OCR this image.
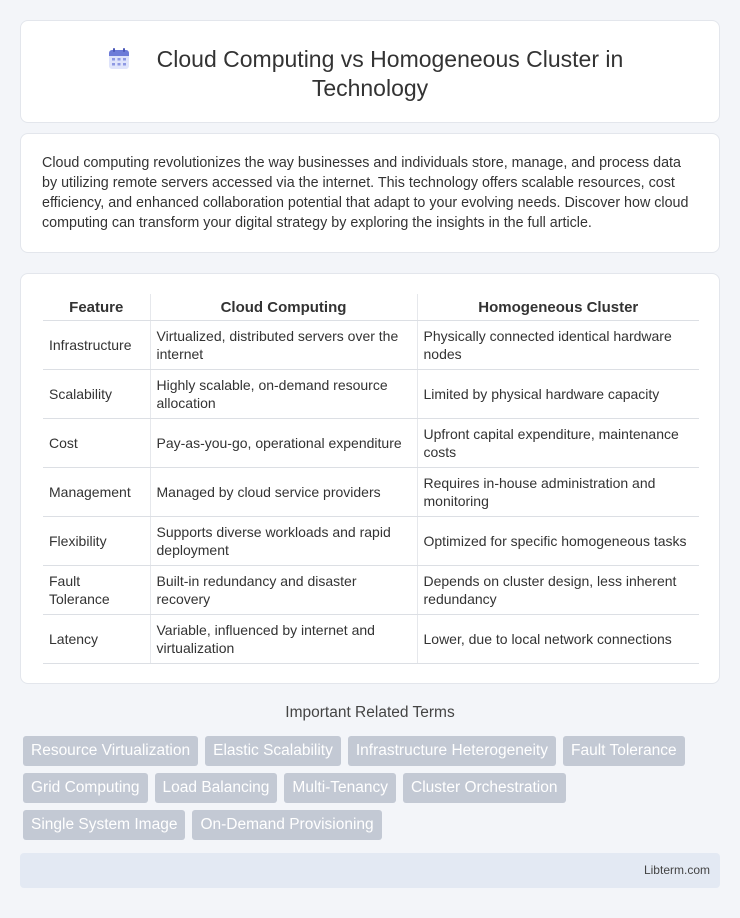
Cloud Computing vs Homogeneous Cluster in
Technology

Cloud computing revolutionizes the way businesses and individuals store, manage, and process data by utilizing remote servers accessed via the internet. This technology offers scalable resources, cost efficiency, and enhanced collaboration potential that adapt to your evolving needs. Discover how cloud computing can transform your digital strategy by exploring the insights in the full article.

Feature	Cloud Computing	Homogeneous Cluster
Infrastructure	Virtualized, distributed servers over the internet	Physically connected identical hardware nodes
Scalability	Highly scalable, on-demand resource allocation	Limited by physical hardware capacity
Cost	Pay-as-you-go, operational expenditure	Upfront capital expenditure, maintenance costs
Management	Managed by cloud service providers	Requires in-house administration and monitoring
Flexibility	Supports diverse workloads and rapid deployment	Optimized for specific homogeneous tasks
Fault Tolerance	Built-in redundancy and disaster recovery	Depends on cluster design, less inherent redundancy
Latency	Variable, influenced by internet and virtualization	Lower, due to local network connections
Important Related Terms
Resource Virtualization	Elastic Scalability	Infrastructure Heterogeneity	Fault Tolerance
Grid Computing	Load Balancing	Multi-Tenancy	Cluster Orchestration
Single System Image	On-Demand Provisioning
Libterm.com
